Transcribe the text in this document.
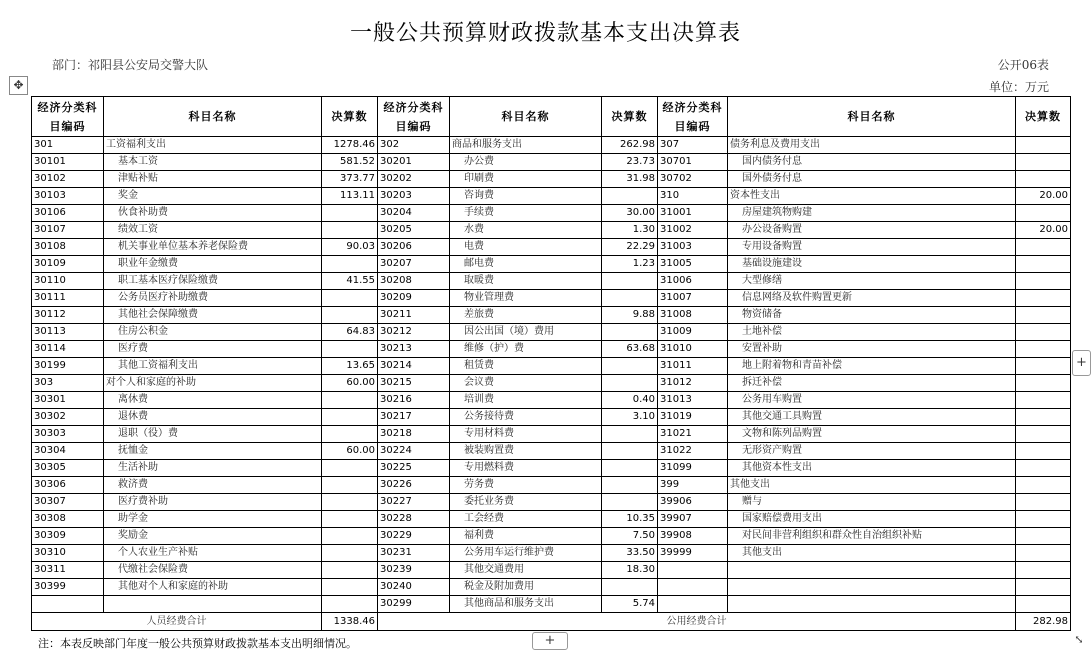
一般公共预算财政拨款基本支出决算表
部门：祁阳县公安局交警大队	公开06表
单位：万元
✥
经济分类科目编码	科目名称	决算数	经济分类科目编码	科目名称	决算数	经济分类科目编码	科目名称	决算数
301	工资福利支出	1278.46	302	商品和服务支出	262.98	307	债务利息及费用支出	
30101	基本工资	581.52	30201	办公费	23.73	30701	国内债务付息	
30102	津贴补贴	373.77	30202	印刷费	31.98	30702	国外债务付息	
30103	奖金	113.11	30203	咨询费		310	资本性支出	20.00
30106	伙食补助费		30204	手续费	30.00	31001	房屋建筑物购建	
30107	绩效工资		30205	水费	1.30	31002	办公设备购置	20.00
30108	机关事业单位基本养老保险费	90.03	30206	电费	22.29	31003	专用设备购置	
30109	职业年金缴费		30207	邮电费	1.23	31005	基础设施建设	
30110	职工基本医疗保险缴费	41.55	30208	取暖费		31006	大型修缮	
30111	公务员医疗补助缴费		30209	物业管理费		31007	信息网络及软件购置更新	
30112	其他社会保障缴费		30211	差旅费	9.88	31008	物资储备	
30113	住房公积金	64.83	30212	因公出国（境）费用		31009	土地补偿	
30114	医疗费		30213	维修（护）费	63.68	31010	安置补助	
30199	其他工资福利支出	13.65	30214	租赁费		31011	地上附着物和青苗补偿	
303	对个人和家庭的补助	60.00	30215	会议费		31012	拆迁补偿	
30301	离休费		30216	培训费	0.40	31013	公务用车购置	
30302	退休费		30217	公务接待费	3.10	31019	其他交通工具购置	
30303	退职（役）费		30218	专用材料费		31021	文物和陈列品购置	
30304	抚恤金	60.00	30224	被装购置费		31022	无形资产购置	
30305	生活补助		30225	专用燃料费		31099	其他资本性支出	
30306	救济费		30226	劳务费		399	其他支出	
30307	医疗费补助		30227	委托业务费		39906	赠与	
30308	助学金		30228	工会经费	10.35	39907	国家赔偿费用支出	
30309	奖励金		30229	福利费	7.50	39908	对民间非营利组织和群众性自治组织补贴	
30310	个人农业生产补贴		30231	公务用车运行维护费	33.50	39999	其他支出	
30311	代缴社会保险费		30239	其他交通费用	18.30			
30399	其他对个人和家庭的补助		30240	税金及附加费用				
			30299	其他商品和服务支出	5.74			
人员经费合计		1338.46	公用经费合计					282.98
注：本表反映部门年度一般公共预算财政拨款基本支出明细情况。
+
+	⤡
